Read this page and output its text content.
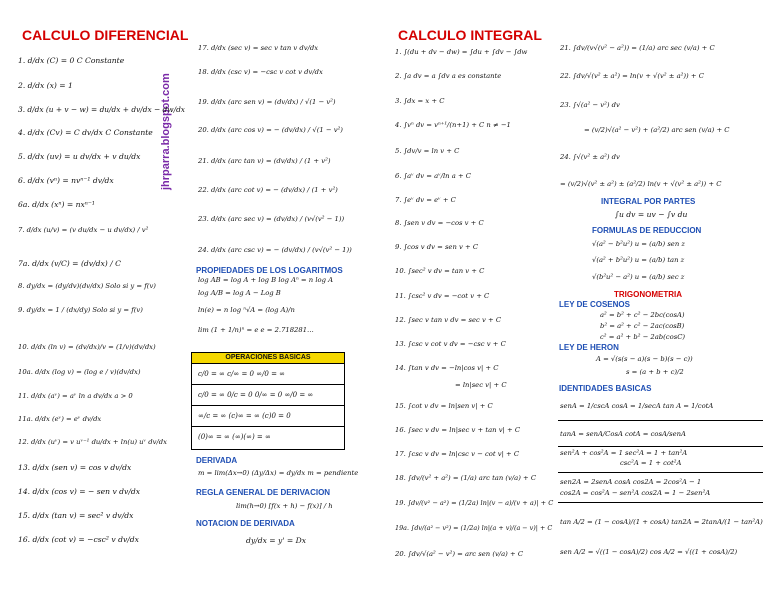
CALCULO DIFERENCIAL	CALCULO INTEGRAL
jhrparra.blogspot.com
1. d/dx (C) = 0 C Constante
2. d/dx (x) = 1
3. d/dx (u + v − w) = du/dx + dv/dx − dw/dx
4. d/dx (Cv) = C dv/dx C Constante
5. d/dx (uv) = u dv/dx + v du/dx
6. d/dx (vⁿ) = nvⁿ⁻¹ dv/dx
6a. d/dx (xⁿ) = nxⁿ⁻¹
7. d/dx (u/v) = (v du/dx − u dv/dx) / v²
7a. d/dx (v/C) = (dv/dx) / C
8. dy/dx = (dy/dv)(dv/dx) Solo si y = f(v)
9. dy/dx = 1 / (dx/dy) Solo si y = f(v)
10. d/dx (ln v) = (dv/dx)/v = (1/v)(dv/dx)
10a. d/dx (log v) = (log e / v)(dv/dx)
11. d/dx (aᵛ) = aᵛ ln a dv/dx a > 0
11a. d/dx (eᵛ) = eᵛ dv/dx
12. d/dx (uᵛ) = v uᵛ⁻¹ du/dx + ln(u) uᵛ dv/dx
13. d/dx (sen v) = cos v dv/dx
14. d/dx (cos v) = − sen v dv/dx
15. d/dx (tan v) = sec² v dv/dx
16. d/dx (cot v) = −csc² v dv/dx
17. d/dx (sec v) = sec v tan v dv/dx
18. d/dx (csc v) = −csc v cot v dv/dx
19. d/dx (arc sen v) = (dv/dx) / √(1 − v²)
20. d/dx (arc cos v) = − (dv/dx) / √(1 − v²)
21. d/dx (arc tan v) = (dv/dx) / (1 + v²)
22. d/dx (arc cot v) = − (dv/dx) / (1 + v²)
23. d/dx (arc sec v) = (dv/dx) / (v√(v² − 1))
24. d/dx (arc csc v) = − (dv/dx) / (v√(v² − 1))
PROPIEDADES DE LOS LOGARITMOS
log AB = log A + log B log Aⁿ = n log A
log A/B = log A − Log B
ln(e) = n log ⁿ√A = (log A)/n
lim (1 + 1/n)ⁿ = e e = 2.718281…
OPERACIONES BASICAS
c/0 = ∞ c/∞ = 0 ∞/0 = ∞
c/0 = ∞ 0/c = 0 0/∞ = 0 ∞/0 = ∞
∞/c = ∞ (c)∞ = ∞ (c)0 = 0
(0)∞ = ∞ (∞)(∞) = ∞
DERIVADA
m = lim(Δx→0) (Δy/Δx) = dy/dx m = pendiente
REGLA GENERAL DE DERIVACION
lim(h→0) [f(x + h) − f(x)] / h
NOTACION DE DERIVADA
dy/dx = y' = Dx
1. ∫(du + dv − dw) = ∫du + ∫dv − ∫dw
2. ∫a dv = a ∫dv a es constante
3. ∫dx = x + C
4. ∫vⁿ dv = vⁿ⁺¹/(n+1) + C n ≠ −1
5. ∫dv/v = ln v + C
6. ∫aᵛ dv = aᵛ/ln a + C
7. ∫eᵛ dv = eᵛ + C
8. ∫sen v dv = −cos v + C
9. ∫cos v dv = sen v + C
10. ∫sec² v dv = tan v + C
11. ∫csc² v dv = −cot v + C
12. ∫sec v tan v dv = sec v + C
13. ∫csc v cot v dv = −csc v + C
14. ∫tan v dv = −ln|cos v| + C
= ln|sec v| + C
15. ∫cot v dv = ln|sen v| + C
16. ∫sec v dv = ln|sec v + tan v| + C
17. ∫csc v dv = ln|csc v − cot v| + C
18. ∫dv/(v² + a²) = (1/a) arc tan (v/a) + C
19. ∫dv/(v² − a²) = (1/2a) ln|(v − a)/(v + a)| + C
19a. ∫dv/(a² − v²) = (1/2a) ln|(a + v)/(a − v)| + C
20. ∫dv/√(a² − v²) = arc sen (v/a) + C
21. ∫dv/(v√(v² − a²)) = (1/a) arc sec (v/a) + C
22. ∫dv/√(v² ± a²) = ln(v + √(v² ± a²)) + C
23. ∫√(a² − v²) dv
= (v/2)√(a² − v²) + (a²/2) arc sen (v/a) + C
24. ∫√(v² ± a²) dv
= (v/2)√(v² ± a²) ± (a²/2) ln(v + √(v² ± a²)) + C
INTEGRAL POR PARTES
∫u dv = uv − ∫v du
FORMULAS DE REDUCCION
√(a² − b²u²) u = (a/b) sen z
√(a² + b²u²) u = (a/b) tan z
√(b²u² − a²) u = (a/b) sec z
TRIGONOMETRIA
LEY DE COSENOS
a² = b² + c² − 2bc(cosA)
b² = a² + c² − 2ac(cosB)
c² = a² + b² − 2ab(cosC)
LEY DE HERON
A = √(s(s − a)(s − b)(s − c))
s = (a + b + c)/2
IDENTIDADES BASICAS
senA = 1/cscA cosA = 1/secA tan A = 1/cotA
tanA = senA/CosA cotA = cosA/senA
sen²A + cos²A = 1 sec²A = 1 + tan²A
csc²A = 1 + cot²A
sen2A = 2senA cosA cos2A = 2cos²A − 1
cos2A = cos²A − sen²A cos2A = 1 − 2sen²A
tan A/2 = (1 − cosA)/(1 + cosA) tan2A = 2tanA/(1 − tan²A)
sen A/2 = √((1 − cosA)/2) cos A/2 = √((1 + cosA)/2)
